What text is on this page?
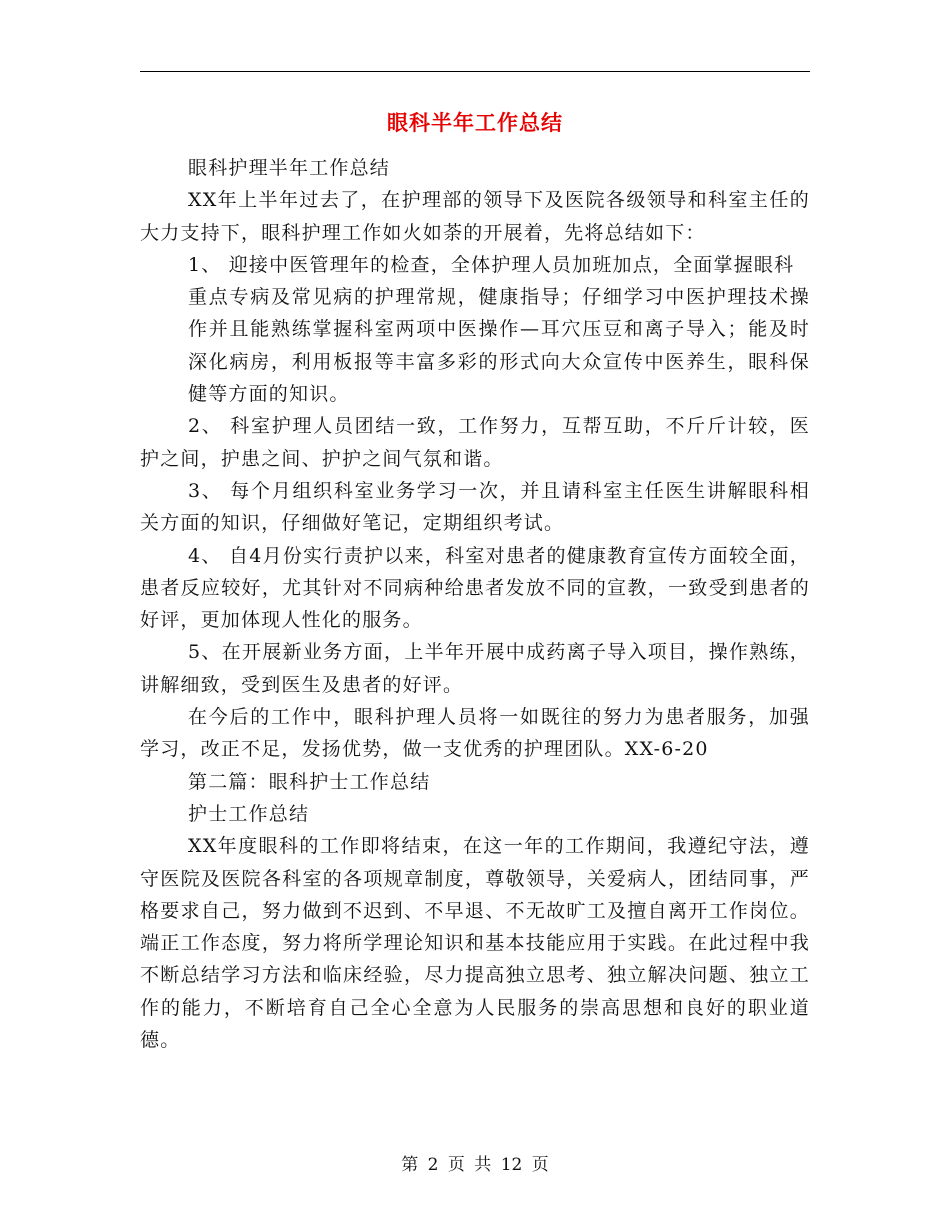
眼科半年工作总结

眼科护理半年工作总结

XX年上半年过去了，在护理部的领导下及医院各级领导和科室主任的大力支持下，眼科护理工作如火如荼的开展着，先将总结如下：

1、 迎接中医管理年的检查，全体护理人员加班加点，全面掌握眼科

重点专病及常见病的护理常规，健康指导；仔细学习中医护理技术操作并且能熟练掌握科室两项中医操作—耳穴压豆和离子导入；能及时深化病房，利用板报等丰富多彩的形式向大众宣传中医养生，眼科保健等方面的知识。

2、 科室护理人员团结一致，工作努力，互帮互助，不斤斤计较，医护之间，护患之间、护护之间气氛和谐。

3、 每个月组织科室业务学习一次，并且请科室主任医生讲解眼科相关方面的知识，仔细做好笔记，定期组织考试。

4、 自4月份实行责护以来，科室对患者的健康教育宣传方面较全面，患者反应较好，尤其针对不同病种给患者发放不同的宣教，一致受到患者的好评，更加体现人性化的服务。

5、在开展新业务方面，上半年开展中成药离子导入项目，操作熟练，讲解细致，受到医生及患者的好评。

在今后的工作中，眼科护理人员将一如既往的努力为患者服务，加强学习，改正不足，发扬优势，做一支优秀的护理团队。XX-6-20

第二篇：眼科护士工作总结

护士工作总结

XX年度眼科的工作即将结束，在这一年的工作期间，我遵纪守法，遵守医院及医院各科室的各项规章制度，尊敬领导，关爱病人，团结同事，严格要求自己，努力做到不迟到、不早退、不无故旷工及擅自离开工作岗位。端正工作态度，努力将所学理论知识和基本技能应用于实践。在此过程中我不断总结学习方法和临床经验，尽力提高独立思考、独立解决问题、独立工作的能力，不断培育自己全心全意为人民服务的崇高思想和良好的职业道德。

第 2 页 共 12 页
